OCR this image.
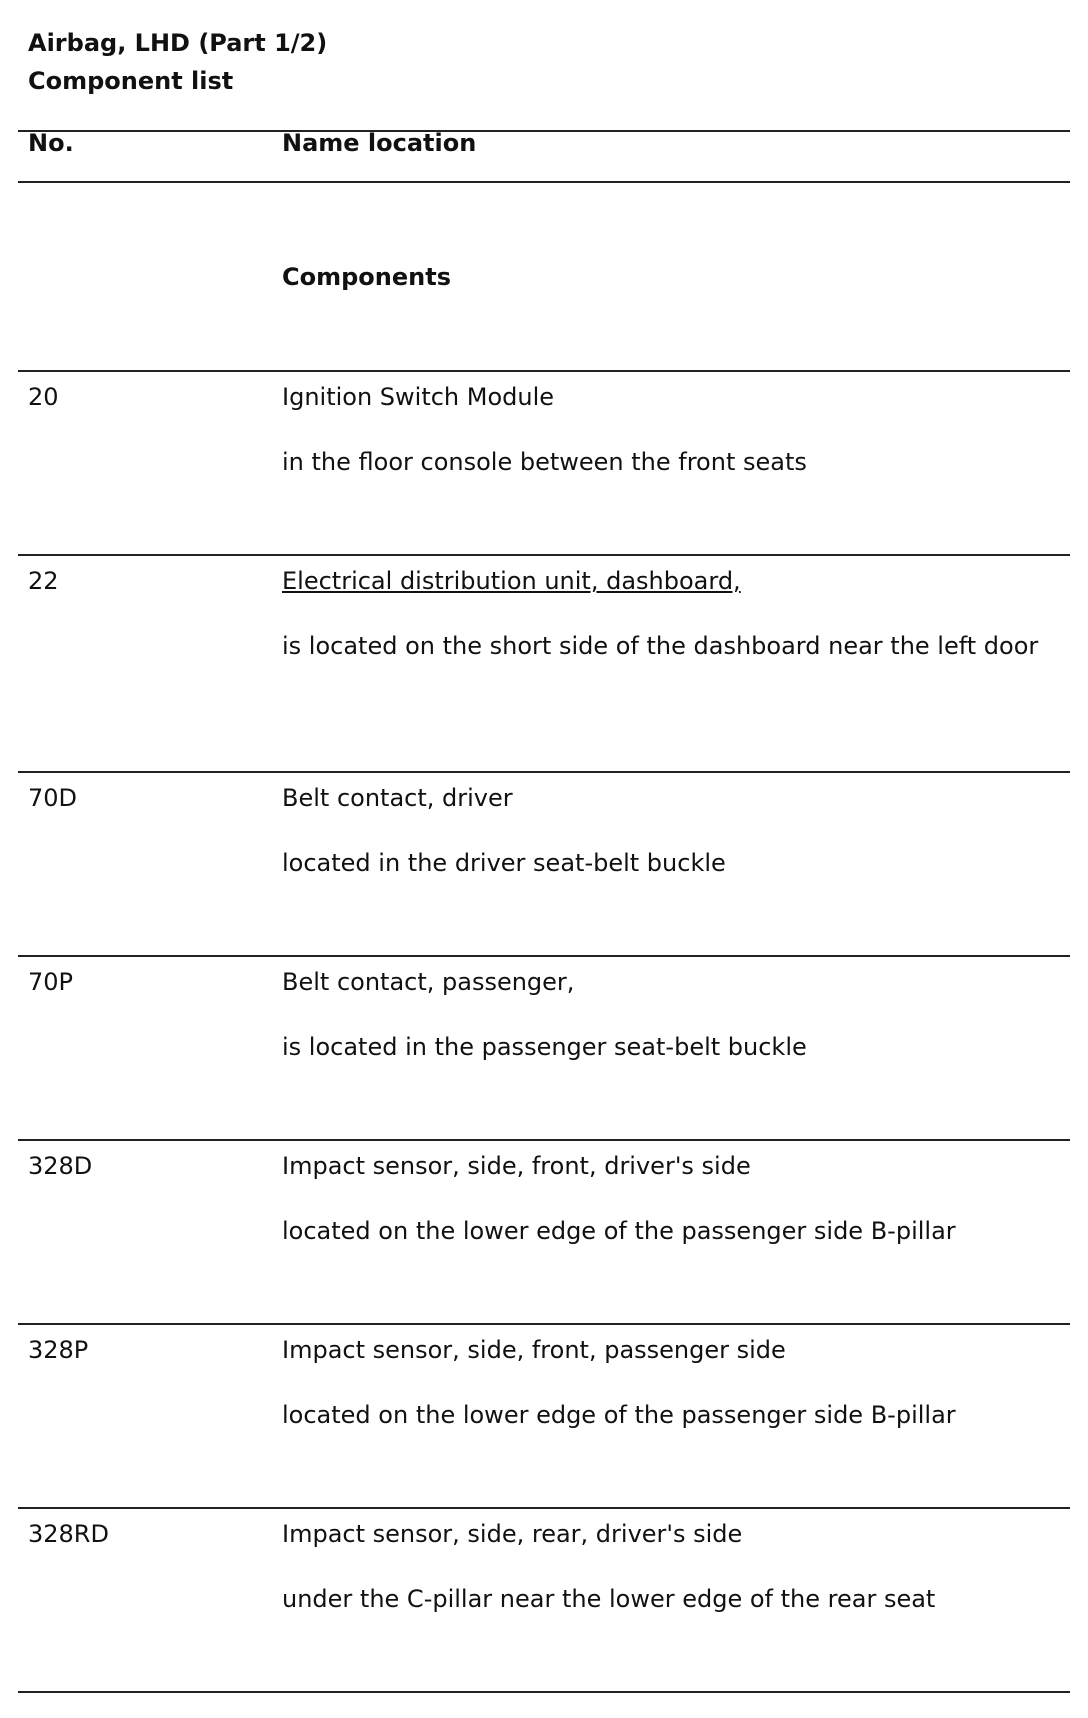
Airbag, LHD (Part 1/2)
Component list
No.	Name location
Components
20	Ignition Switch Module
in the floor console between the front seats
22	Electrical distribution unit, dashboard,
is located on the short side of the dashboard near the left door
70D	Belt contact, driver
located in the driver seat-belt buckle
70P	Belt contact, passenger,
is located in the passenger seat-belt buckle
328D	Impact sensor, side, front, driver's side
located on the lower edge of the passenger side B-pillar
328P	Impact sensor, side, front, passenger side
located on the lower edge of the passenger side B-pillar
328RD	Impact sensor, side, rear, driver's side
under the C-pillar near the lower edge of the rear seat
